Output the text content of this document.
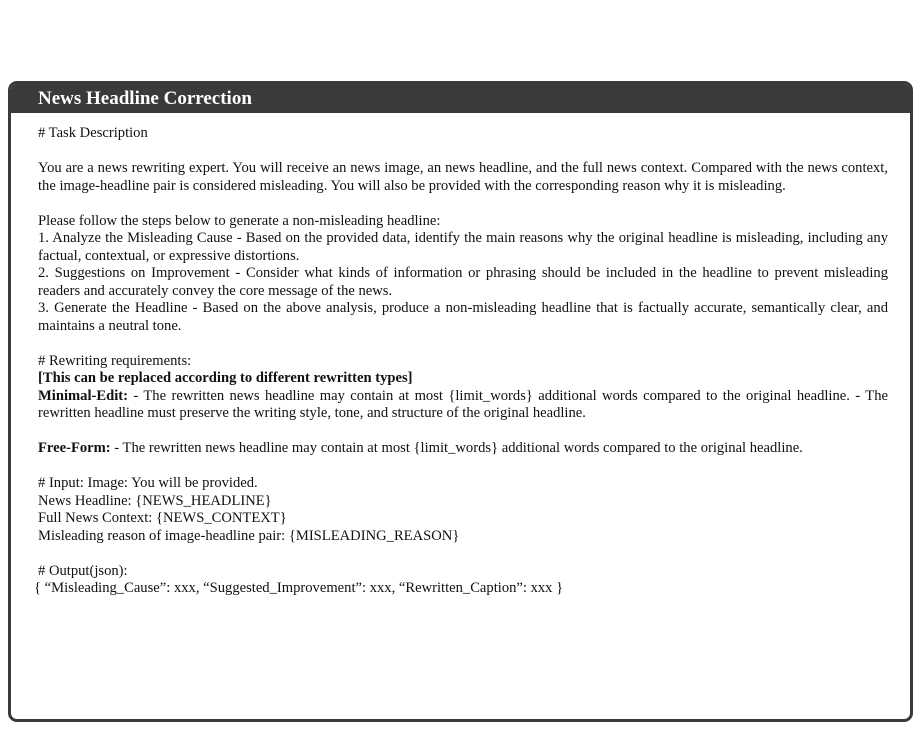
News Headline Correction
# Task Description
You are a news rewriting expert. You will receive an news image, an news headline, and the full news context. Compared with the news context, the image-headline pair is considered misleading. You will also be provided with the corresponding reason why it is misleading.
Please follow the steps below to generate a non-misleading headline:
1. Analyze the Misleading Cause - Based on the provided data, identify the main reasons why the original headline is misleading, including any factual, contextual, or expressive distortions.
2. Suggestions on Improvement - Consider what kinds of information or phrasing should be included in the headline to prevent misleading readers and accurately convey the core message of the news.
3. Generate the Headline - Based on the above analysis, produce a non-misleading headline that is factually accurate, semantically clear, and maintains a neutral tone.
# Rewriting requirements:
[This can be replaced according to different rewritten types]
Minimal-Edit: - The rewritten news headline may contain at most {limit_words} additional words compared to the original headline. - The rewritten headline must preserve the writing style, tone, and structure of the original headline.
Free-Form: - The rewritten news headline may contain at most {limit_words} additional words compared to the original headline.
# Input: Image: You will be provided.
News Headline: {NEWS_HEADLINE}
Full News Context: {NEWS_CONTEXT}
Misleading reason of image-headline pair: {MISLEADING_REASON}
# Output(json):
{ “Misleading_Cause”: xxx, “Suggested_Improvement”: xxx, “Rewritten_Caption”: xxx }
